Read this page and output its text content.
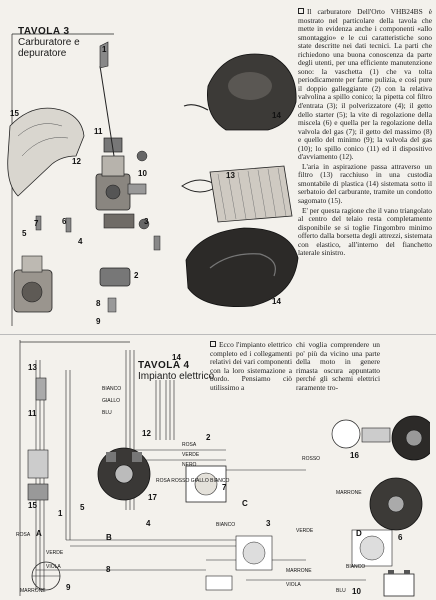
1
7	6
5
11
12
10
3
4
2
8
9
15	14
13
14
TAVOLA 3
Carburatore e
depuratore

Il carburatore Dell'Orto VHB24BS è mostrato nel particolare della tavola che mette in evidenza anche i componenti «allo smontaggio» e le cui caratteristiche sono state descritte nei dati tecnici. La parti che richiedono una buona conoscenza da parte degli utenti, per una efficiente manutenzione sono: la vaschetta (1) che va tolta periodicamente per farne pulizia, e così pure il doppio galleggiante (2) con la relativa valvolina a spillo conico; la pipetta col filtro d'entrata (3); il polverizzatore (4); il getto dello starter (5); la vite di regolazione della miscela (6) e quella per la regolazione della valvola del gas (7); il getto del massimo (8) e quello del minimo (9); la valvola del gas (10); lo spillo conico (11) ed il dispositivo d'avviamento (12).

L'aria in aspirazione passa attraverso un filtro (13) racchiuso in una custodia smontabile di plastica (14) sistemata sotto il serbatoio del carburante, tramite un condotto sagomato (15).

E' per questa ragione che il vano triangolato al centro del telaio resta completamente disponibile se si toglie l'ingombro minimo offerto dalla borsetta degli attrezzi, sistemata con elastico, all'interno del fianchetto laterale sinistro.

ROSA
VERDE
VIOLA
MARRONE
BIANCO
GIALLO
BLU
ROSA
VERDE
NERO
ROSSO
BIANCO
VERDE
MARRONE
MARRONE
VIOLA
BIANCO
BLU
ROSA ROSSO GIALLO BIANCO
13
11
15	5
14
12
17
2
3
7
C
16
D	6
10
A	B
8
9
1
4
TAVOLA 4
Impianto elettrico
Ecco l'impianto elettrico completo ed i collegamenti relativi dei vari componenti con la loro sistemazione a bordo. Pensiamo ciò utilissimo a
chi voglia comprendere un po' più da vicino una parte della moto in genere rimasta oscura appuntatto perché gli schemi elettrici raramente tro-
